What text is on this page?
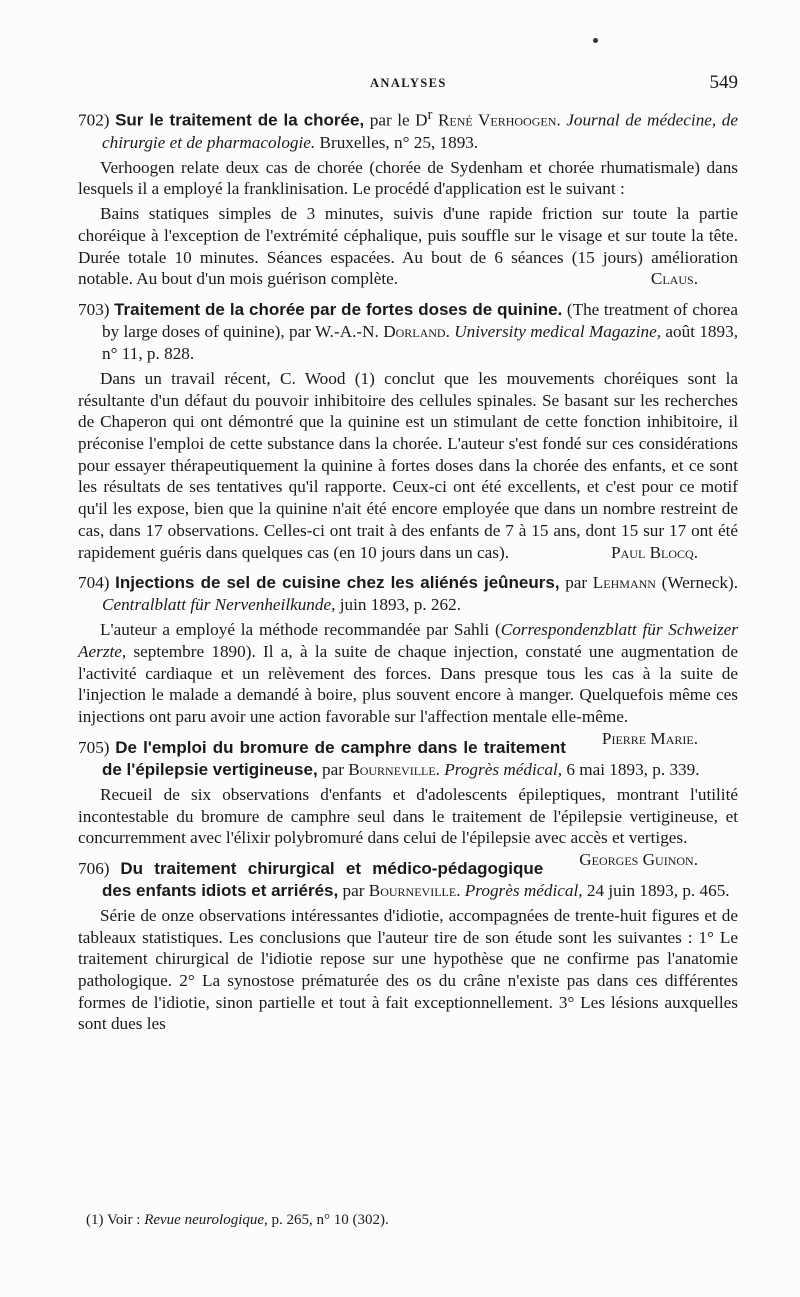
ANALYSES	549

702) Sur le traitement de la chorée, par le $D^r$ René Verhoogen. Journal de médecine, de chirurgie et de pharmacologie. Bruxelles, n° 25, 1893.

Verhoogen relate deux cas de chorée (chorée de Sydenham et chorée rhumatismale) dans lesquels il a employé la franklinisation. Le procédé d'application est le suivant :

Bains statiques simples de 3 minutes, suivis d'une rapide friction sur toute la partie choréique à l'exception de l'extrémité céphalique, puis souffle sur le visage et sur toute la tête. Durée totale 10 minutes. Séances espacées. Au bout de 6 séances (15 jours) amélioration notable. Au bout d'un mois guérison complète.	Claus.

703) Traitement de la chorée par de fortes doses de quinine. (The treatment of chorea by large doses of quinine), par W.-A.-N. Dorland. University medical Magazine, août 1893, n° 11, p. 828.

Dans un travail récent, C. Wood (1) conclut que les mouvements choréiques sont la résultante d'un défaut du pouvoir inhibitoire des cellules spinales. Se basant sur les recherches de Chaperon qui ont démontré que la quinine est un stimulant de cette fonction inhibitoire, il préconise l'emploi de cette substance dans la chorée. L'auteur s'est fondé sur ces considérations pour essayer thérapeutiquement la quinine à fortes doses dans la chorée des enfants, et ce sont les résultats de ses tentatives qu'il rapporte. Ceux-ci ont été excellents, et c'est pour ce motif qu'il les expose, bien que la quinine n'ait été encore employée que dans un nombre restreint de cas, dans 17 observations. Celles-ci ont trait à des enfants de 7 à 15 ans, dont 15 sur 17 ont été rapidement guéris dans quelques cas (en 10 jours dans un cas).	Paul Blocq.

704) Injections de sel de cuisine chez les aliénés jeûneurs, par Lehmann (Werneck). Centralblatt für Nervenheilkunde, juin 1893, p. 262.

L'auteur a employé la méthode recommandée par Sahli (Correspondenzblatt für Schweizer Aerzte, septembre 1890). Il a, à la suite de chaque injection, constaté une augmentation de l'activité cardiaque et un relèvement des forces. Dans presque tous les cas à la suite de l'injection le malade a demandé à boire, plus souvent encore à manger. Quelquefois même ces injections ont paru avoir une action favorable sur l'affection mentale elle-même.
Pierre Marie.

705) De l'emploi du bromure de camphre dans le traitement de l'épilepsie vertigineuse, par Bourneville. Progrès médical, 6 mai 1893, p. 339.

Recueil de six observations d'enfants et d'adolescents épileptiques, montrant l'utilité incontestable du bromure de camphre seul dans le traitement de l'épilepsie vertigineuse, et concurremment avec l'élixir polybromuré dans celui de l'épilepsie avec accès et vertiges.
Georges Guinon.

706) Du traitement chirurgical et médico-pédagogique des enfants idiots et arriérés, par Bourneville. Progrès médical, 24 juin 1893, p. 465.

Série de onze observations intéressantes d'idiotie, accompagnées de trente-huit figures et de tableaux statistiques. Les conclusions que l'auteur tire de son étude sont les suivantes : 1° Le traitement chirurgical de l'idiotie repose sur une hypothèse que ne confirme pas l'anatomie pathologique. 2° La synostose prématurée des os du crâne n'existe pas dans ces différentes formes de l'idiotie, sinon partielle et tout à fait exceptionnellement. 3° Les lésions auxquelles sont dues les

(1) Voir : Revue neurologique, p. 265, n° 10 (302).
